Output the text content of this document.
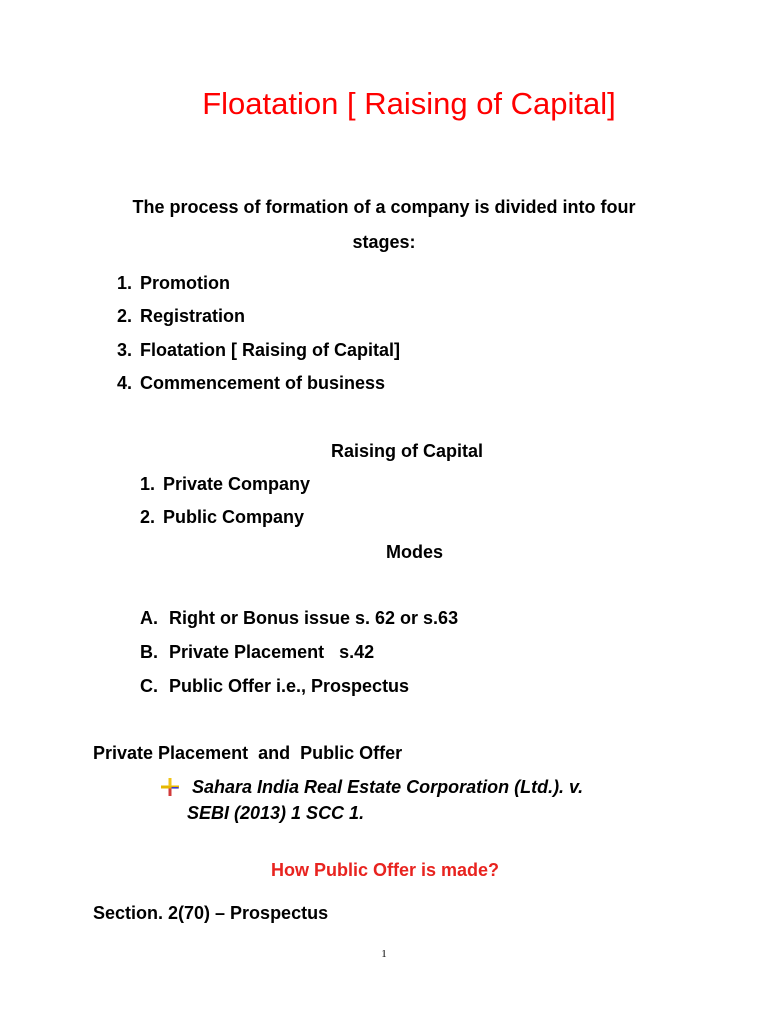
Floatation [ Raising of Capital]
The process of formation of a company is divided into four
stages:
1. Promotion
2. Registration
3. Floatation [ Raising of Capital]
4. Commencement of business
Raising of Capital
1. Private Company
2. Public Company
Modes
A. Right or Bonus issue s. 62 or s.63
B. Private Placement   s.42
C. Public Offer i.e., Prospectus
Private Placement  and  Public Offer
Sahara India Real Estate Corporation (Ltd.). v.
SEBI (2013) 1 SCC 1.
How Public Offer is made?
Section. 2(70) – Prospectus
1
